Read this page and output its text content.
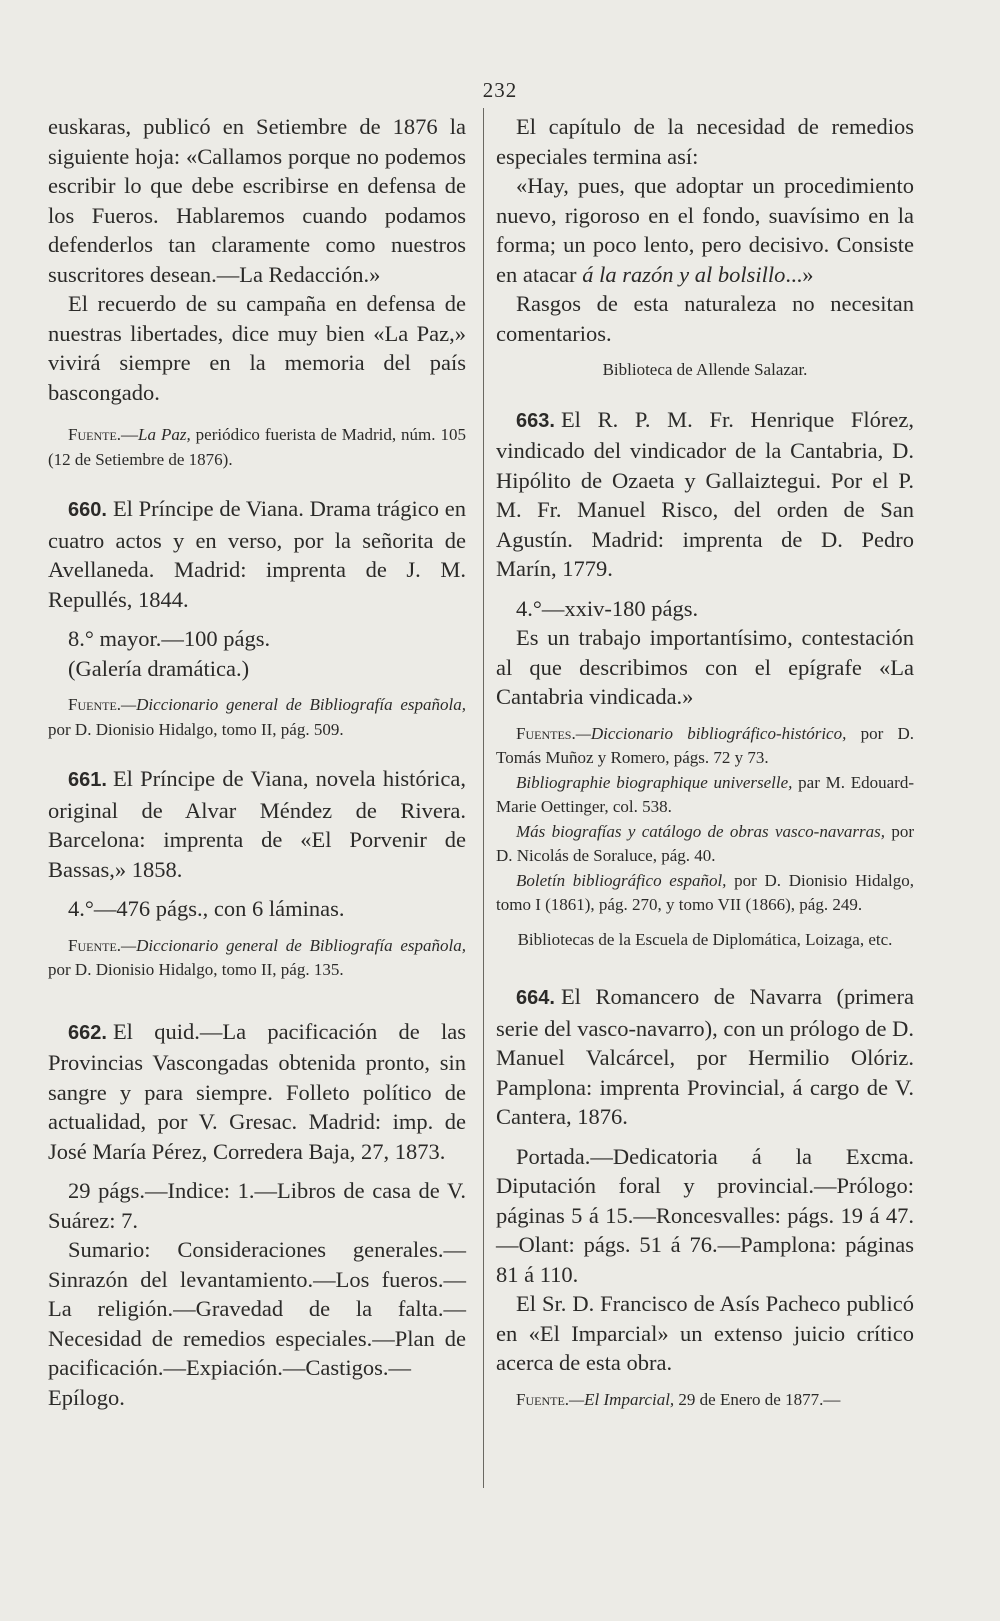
232

euskaras, publicó en Setiembre de 1876 la siguiente hoja: «Callamos porque no podemos escribir lo que debe escribirse en defensa de los Fueros. Hablaremos cuando podamos defenderlos tan claramente como nuestros suscritores desean.—La Redacción.»

El recuerdo de su campaña en defensa de nuestras libertades, dice muy bien «La Paz,» vivirá siempre en la memoria del país bascongado.

Fuente.—La Paz, periódico fuerista de Madrid, núm. 105 (12 de Setiembre de 1876).

660. El Príncipe de Viana. Drama trágico en cuatro actos y en verso, por la señorita de Avellaneda. Madrid: imprenta de J. M. Repullés, 1844.

8.° mayor.—100 págs.

(Galería dramática.)

Fuente.—Diccionario general de Bibliografía española, por D. Dionisio Hidalgo, tomo II, pág. 509.

661. El Príncipe de Viana, novela histórica, original de Alvar Méndez de Rivera. Barcelona: imprenta de «El Porvenir de Bassas,» 1858.

4.°—476 págs., con 6 láminas.

Fuente.—Diccionario general de Bibliografía española, por D. Dionisio Hidalgo, tomo II, pág. 135.

662. El quid.—La pacificación de las Provincias Vascongadas obtenida pronto, sin sangre y para siempre. Folleto político de actualidad, por V. Gresac. Madrid: imp. de José María Pérez, Corredera Baja, 27, 1873.

29 págs.—Indice: 1.—Libros de casa de V. Suárez: 7.

Sumario: Consideraciones generales.—Sinrazón del levantamiento.—Los fueros.—La religión.—Gravedad de la falta.—Necesidad de remedios especiales.—Plan de pacificación.—Expiación.—Castigos.—Epílogo.

El capítulo de la necesidad de remedios especiales termina así:

«Hay, pues, que adoptar un procedimiento nuevo, rigoroso en el fondo, suavísimo en la forma; un poco lento, pero decisivo. Consiste en atacar á la razón y al bolsillo...»

Rasgos de esta naturaleza no necesitan comentarios.

Biblioteca de Allende Salazar.

663. El R. P. M. Fr. Henrique Flórez, vindicado del vindicador de la Cantabria, D. Hipólito de Ozaeta y Gallaiztegui. Por el P. M. Fr. Manuel Risco, del orden de San Agustín. Madrid: imprenta de D. Pedro Marín, 1779.

4.°—xxiv-180 págs.

Es un trabajo importantísimo, contestación al que describimos con el epígrafe «La Cantabria vindicada.»

Fuentes.—Diccionario bibliográfico-histórico, por D. Tomás Muñoz y Romero, págs. 72 y 73.

Bibliographie biographique universelle, par M. Edouard-Marie Oettinger, col. 538.

Más biografías y catálogo de obras vasco-navarras, por D. Nicolás de Soraluce, pág. 40.

Boletín bibliográfico español, por D. Dionisio Hidalgo, tomo I (1861), pág. 270, y tomo VII (1866), pág. 249.

Bibliotecas de la Escuela de Diplomática, Loizaga, etc.

664. El Romancero de Navarra (primera serie del vasco-navarro), con un prólogo de D. Manuel Valcárcel, por Hermilio Olóriz. Pamplona: imprenta Provincial, á cargo de V. Cantera, 1876.

Portada.—Dedicatoria á la Excma. Diputación foral y provincial.—Prólogo: páginas 5 á 15.—Roncesvalles: págs. 19 á 47.—Olant: págs. 51 á 76.—Pamplona: páginas 81 á 110.

El Sr. D. Francisco de Asís Pacheco publicó en «El Imparcial» un extenso juicio crítico acerca de esta obra.

Fuente.—El Imparcial, 29 de Enero de 1877.—
